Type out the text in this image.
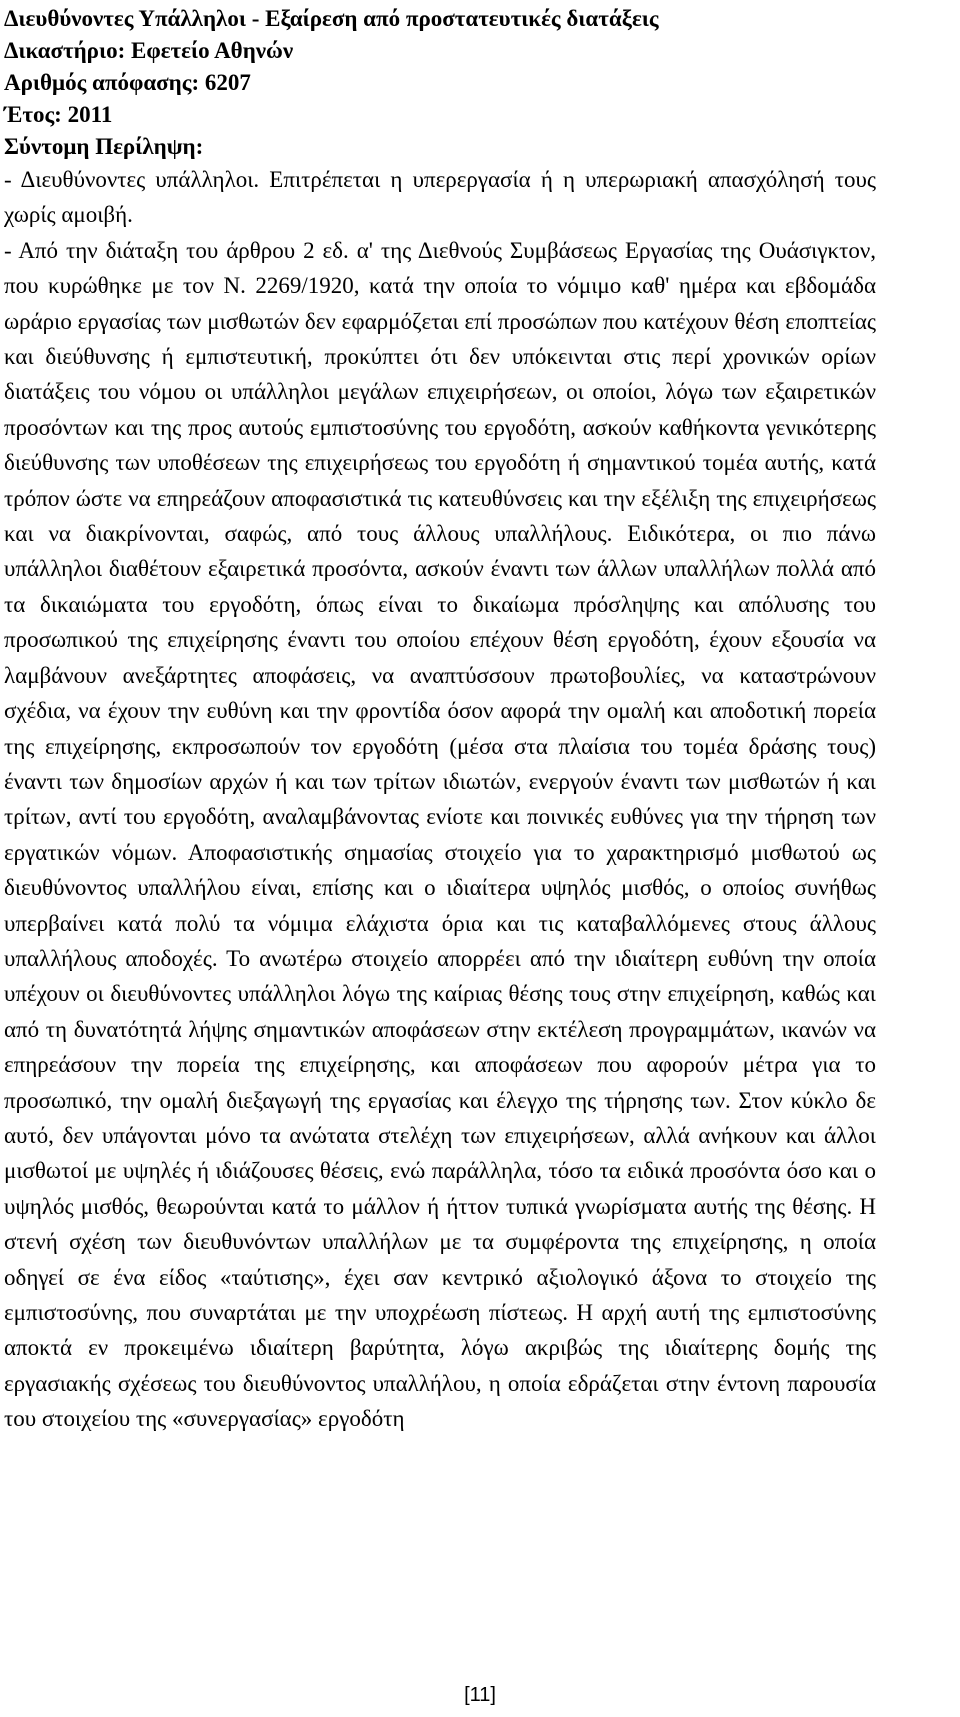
Διευθύνοντες Υπάλληλοι - Εξαίρεση από προστατευτικές διατάξεις
Δικαστήριο: Εφετείο Αθηνών
Αριθμός απόφασης: 6207
Έτος: 2011
Σύντομη Περίληψη:

- Διευθύνοντες υπάλληλοι. Επιτρέπεται η υπερεργασία ή η υπερωριακή απασχόλησή τους χωρίς αμοιβή.

- Από την διάταξη του άρθρου 2 εδ. α' της Διεθνούς Συμβάσεως Εργασίας της Ουάσιγκτον, που κυρώθηκε με τον Ν. 2269/1920, κατά την οποία το νόμιμο καθ' ημέρα και εβδομάδα ωράριο εργασίας των μισθωτών δεν εφαρμόζεται επί προσώπων που κατέχουν θέση εποπτείας και διεύθυνσης ή εμπιστευτική, προκύπτει ότι δεν υπόκεινται στις περί χρονικών ορίων διατάξεις του νόμου οι υπάλληλοι μεγάλων επιχειρήσεων, οι οποίοι, λόγω των εξαιρετικών προσόντων και της προς αυτούς εμπιστοσύνης του εργοδότη, ασκούν καθήκοντα γενικότερης διεύθυνσης των υποθέσεων της επιχειρήσεως του εργοδότη ή σημαντικού τομέα αυτής, κατά τρόπον ώστε να επηρεάζουν αποφασιστικά τις κατευθύνσεις και την εξέλιξη της επιχειρήσεως και να διακρίνονται, σαφώς, από τους άλλους υπαλλήλους. Ειδικότερα, οι πιο πάνω υπάλληλοι διαθέτουν εξαιρετικά προσόντα, ασκούν έναντι των άλλων υπαλλήλων πολλά από τα δικαιώματα του εργοδότη, όπως είναι το δικαίωμα πρόσληψης και απόλυσης του προσωπικού της επιχείρησης έναντι του οποίου επέχουν θέση εργοδότη, έχουν εξουσία να λαμβάνουν ανεξάρτητες αποφάσεις, να αναπτύσσουν πρωτοβουλίες, να καταστρώνουν σχέδια, να έχουν την ευθύνη και την φροντίδα όσον αφορά την ομαλή και αποδοτική πορεία της επιχείρησης, εκπροσωπούν τον εργοδότη (μέσα στα πλαίσια του τομέα δράσης τους) έναντι των δημοσίων αρχών ή και των τρίτων ιδιωτών, ενεργούν έναντι των μισθωτών ή και τρίτων, αντί του εργοδότη, αναλαμβάνοντας ενίοτε και ποινικές ευθύνες για την τήρηση των εργατικών νόμων. Αποφασιστικής σημασίας στοιχείο για το χαρακτηρισμό μισθωτού ως διευθύνοντος υπαλλήλου είναι, επίσης και ο ιδιαίτερα υψηλός μισθός, ο οποίος συνήθως υπερβαίνει κατά πολύ τα νόμιμα ελάχιστα όρια και τις καταβαλλόμενες στους άλλους υπαλλήλους αποδοχές. Το ανωτέρω στοιχείο απορρέει από την ιδιαίτερη ευθύνη την οποία υπέχουν οι διευθύνοντες υπάλληλοι λόγω της καίριας θέσης τους στην επιχείρηση, καθώς και από τη δυνατότητά λήψης σημαντικών αποφάσεων στην εκτέλεση προγραμμάτων, ικανών να επηρεάσουν την πορεία της επιχείρησης, και αποφάσεων που αφορούν μέτρα για το προσωπικό, την ομαλή διεξαγωγή της εργασίας και έλεγχο της τήρησης των. Στον κύκλο δε αυτό, δεν υπάγονται μόνο τα ανώτατα στελέχη των επιχειρήσεων, αλλά ανήκουν και άλλοι μισθωτοί με υψηλές ή ιδιάζουσες θέσεις, ενώ παράλληλα, τόσο τα ειδικά προσόντα όσο και ο υψηλός μισθός, θεωρούνται κατά το μάλλον ή ήττον τυπικά γνωρίσματα αυτής της θέσης. Η στενή σχέση των διευθυνόντων υπαλλήλων με τα συμφέροντα της επιχείρησης, η οποία οδηγεί σε ένα είδος «ταύτισης», έχει σαν κεντρικό αξιολογικό άξονα το στοιχείο της εμπιστοσύνης, που συναρτάται με την υποχρέωση πίστεως. Η αρχή αυτή της εμπιστοσύνης αποκτά εν προκειμένω ιδιαίτερη βαρύτητα, λόγω ακριβώς της ιδιαίτερης δομής της εργασιακής σχέσεως του διευθύνοντος υπαλλήλου, η οποία εδράζεται στην έντονη παρουσία του στοιχείου της «συνεργασίας» εργοδότη

[11]
